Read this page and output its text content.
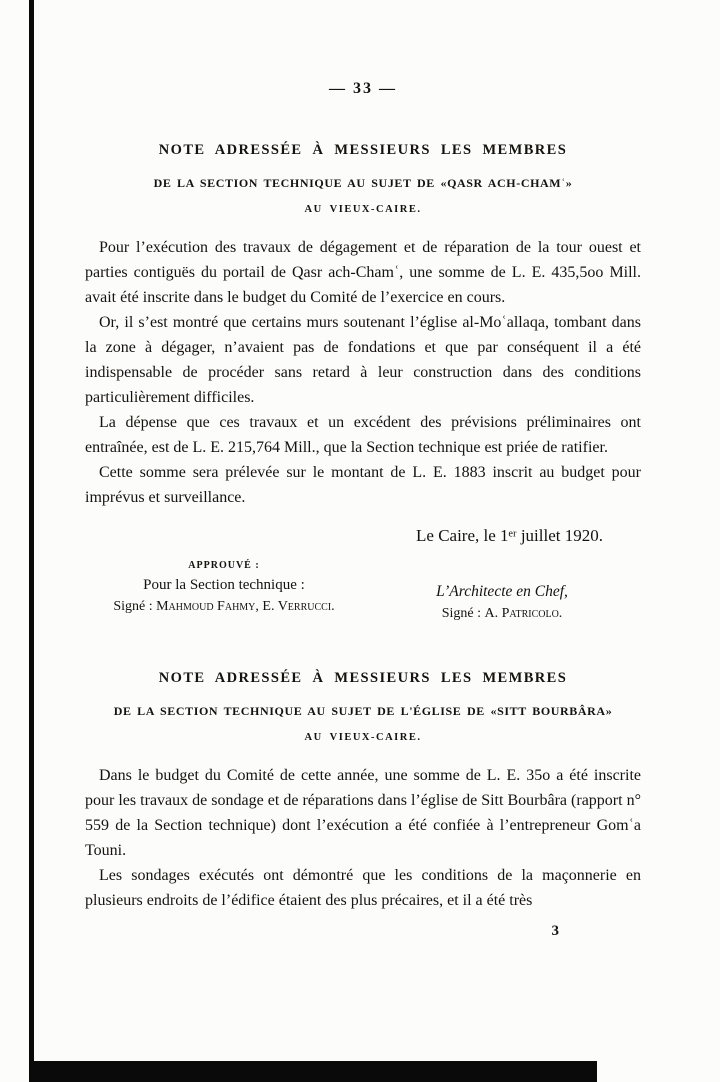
— 33 —
NOTE ADRESSÉE À MESSIEURS LES MEMBRES
DE LA SECTION TECHNIQUE AU SUJET DE «QASR ACH-CHAMʿ»
AU VIEUX-CAIRE.

Pour l’exécution des travaux de dégagement et de réparation de la tour ouest et parties contiguës du portail de Qasr ach-Chamʿ, une somme de L. E. 435,5oo Mill. avait été inscrite dans le budget du Comité de l’exercice en cours.

Or, il s’est montré que certains murs soutenant l’église al-Moʿallaqa, tombant dans la zone à dégager, n’avaient pas de fondations et que par conséquent il a été indispensable de procéder sans retard à leur construction dans des conditions particulièrement difficiles.

La dépense que ces travaux et un excédent des prévisions préliminaires ont entraînée, est de L. E. 215,764 Mill., que la Section technique est priée de ratifier.

Cette somme sera prélevée sur le montant de L. E. 1883 inscrit au budget pour imprévus et surveillance.

Le Caire, le 1ᵉʳ juillet 1920.
APPROUVÉ :
Pour la Section technique :
Signé : Mahmoud Fahmy, E. Verrucci.
L’Architecte en Chef,
Signé : A. Patricolo.
NOTE ADRESSÉE À MESSIEURS LES MEMBRES
DE LA SECTION TECHNIQUE AU SUJET DE L'ÉGLISE DE «SITT BOURBÂRA»
AU VIEUX-CAIRE.

Dans le budget du Comité de cette année, une somme de L. E. 35o a été inscrite pour les travaux de sondage et de réparations dans l’église de Sitt Bourbâra (rapport n° 559 de la Section technique) dont l’exécution a été confiée à l’entrepreneur Gomʿa Touni.

Les sondages exécutés ont démontré que les conditions de la maçonnerie en plusieurs endroits de l’édifice étaient des plus précaires, et il a été très

3
